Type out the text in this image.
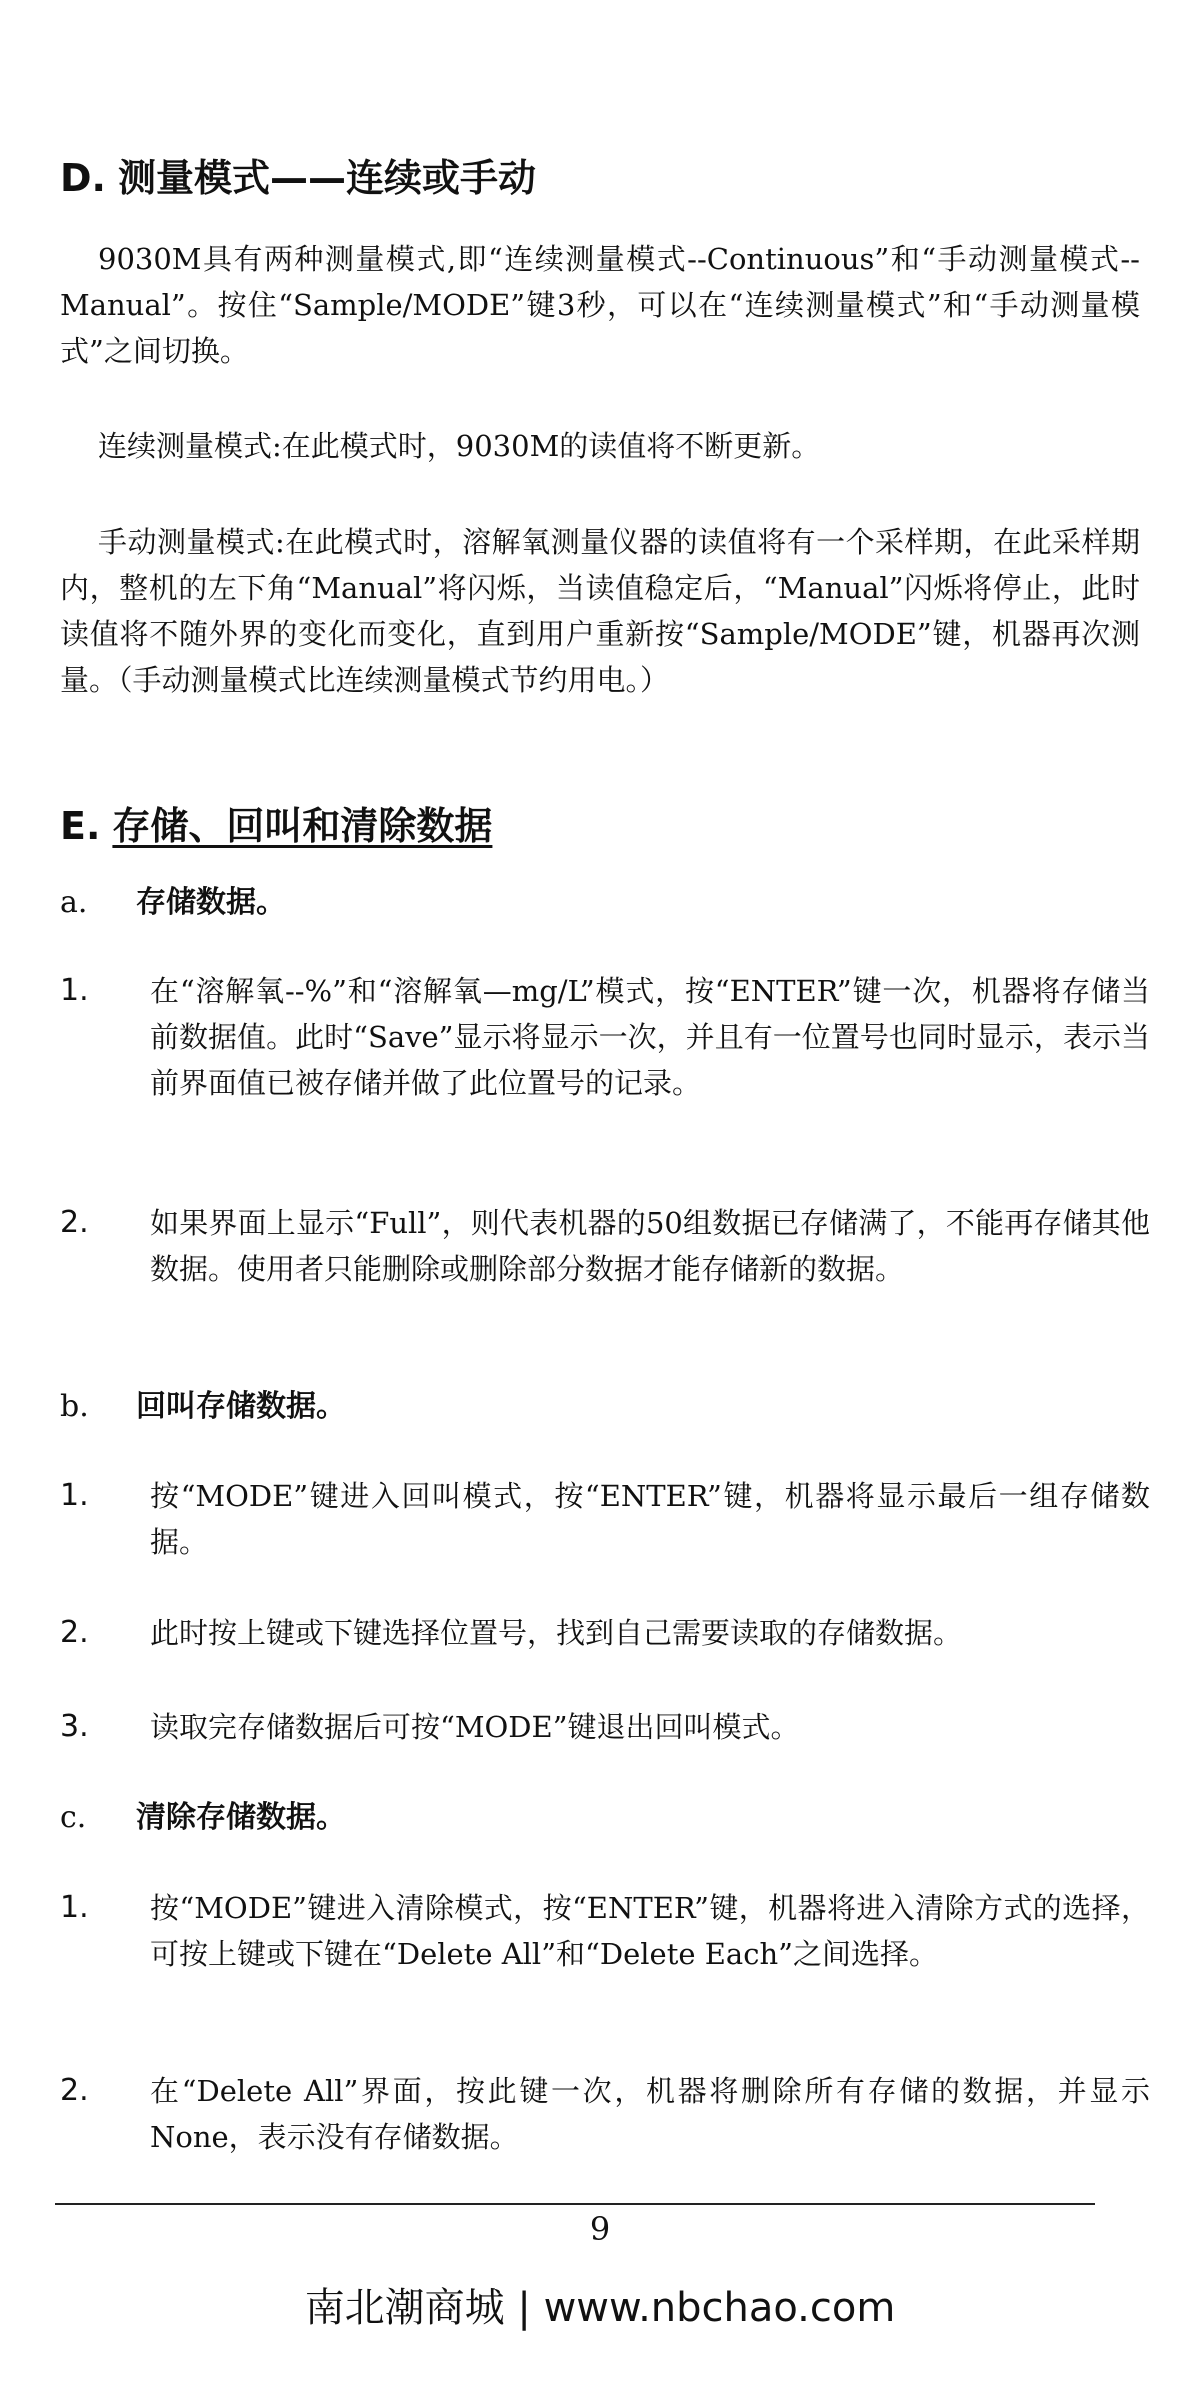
D. 测量模式——连续或手动
9030M具有两种测量模式,即“连续测量模式--Continuous”和“手动测量模式--Manual”。按住“Sample/MODE”键3秒，可以在“连续测量模式”和“手动测量模式”之间切换。
连续测量模式:在此模式时，9030M的读值将不断更新。
手动测量模式:在此模式时，溶解氧测量仪器的读值将有一个采样期，在此采样期内，整机的左下角“Manual”将闪烁，当读值稳定后，“Manual”闪烁将停止，此时读值将不随外界的变化而变化，直到用户重新按“Sample/MODE”键，机器再次测量。（手动测量模式比连续测量模式节约用电。）
E. 存储、回叫和清除数据
a. 存储数据。
1.	在“溶解氧--%”和“溶解氧—mg/L”模式，按“ENTER”键一次，机器将存储当前数据值。此时“Save”显示将显示一次，并且有一位置号也同时显示，表示当前界面值已被存储并做了此位置号的记录。
2.	如果界面上显示“Full”，则代表机器的50组数据已存储满了，不能再存储其他数据。使用者只能删除或删除部分数据才能存储新的数据。
b. 回叫存储数据。
1.	按“MODE”键进入回叫模式，按“ENTER”键，机器将显示最后一组存储数据。
2.	此时按上键或下键选择位置号，找到自己需要读取的存储数据。
3.	读取完存储数据后可按“MODE”键退出回叫模式。
c. 清除存储数据。
1.	按“MODE”键进入清除模式，按“ENTER”键，机器将进入清除方式的选择，可按上键或下键在“Delete All”和“Delete Each”之间选择。
2.	在“Delete All”界面，按此键一次，机器将删除所有存储的数据，并显示None，表示没有存储数据。
9
南北潮商城 | www.nbchao.com
